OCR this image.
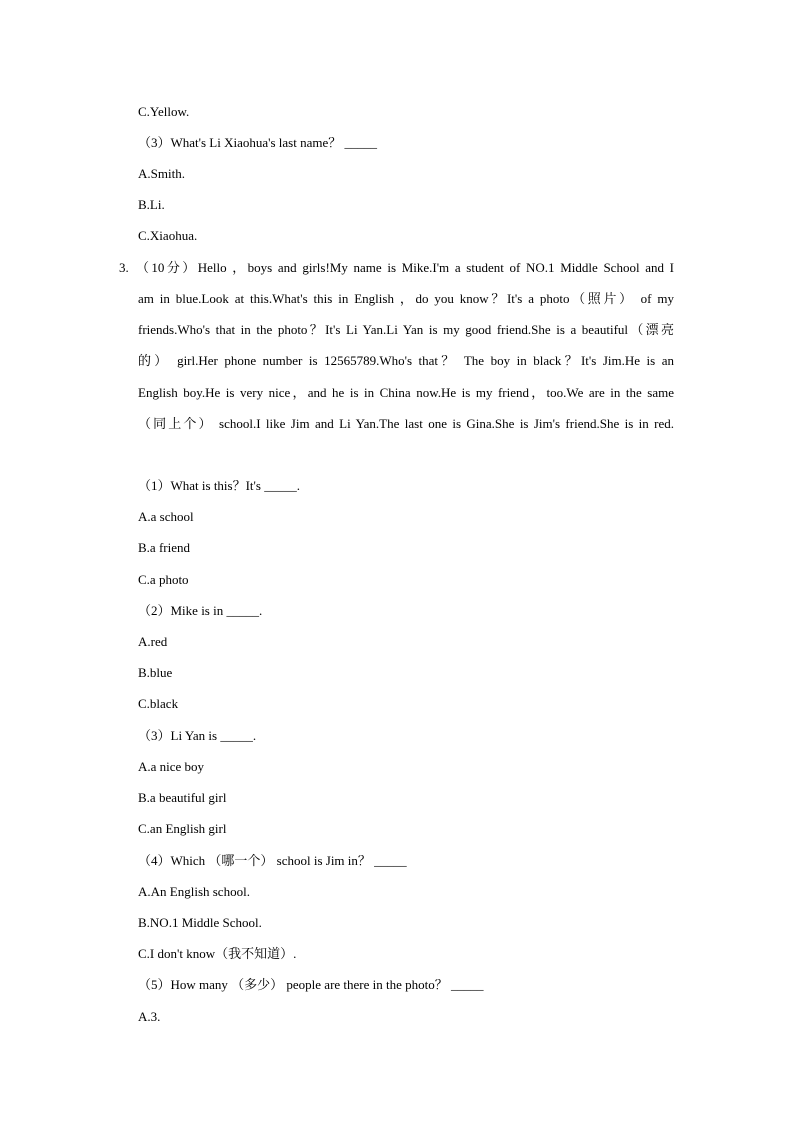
C.Yellow.
（3）What's Li Xiaohua's last name？ _____
A.Smith.
B.Li.
C.Xiaohua.
3. （10分）Hello ，boys and girls!My name is Mike.I'm a student of NO.1 Middle School and I
am in blue.Look at this.What's this in English ，do you know？It's a photo（照片） of my
friends.Who's that in the photo？It's Li Yan.Li Yan is my good friend.She is a beautiful（漂亮
的） girl.Her phone number is 12565789.Who's that？ The boy in black？It's Jim.He is an
English boy.He is very nice，and he is in China now.He is my friend，too.We are in the same
（同上个） school.I like Jim and Li Yan.The last one is Gina.She is Jim's friend.She is in red.
（1）What is this？It's _____.
A.a school
B.a friend
C.a photo
（2）Mike is in _____.
A.red
B.blue
C.black
（3）Li Yan is _____.
A.a nice boy
B.a beautiful girl
C.an English girl
（4）Which （哪一个） school is Jim in？ _____
A.An English school.
B.NO.1 Middle School.
C.I don't know（我不知道）.
（5）How many （多少） people are there in the photo？ _____
A.3.
